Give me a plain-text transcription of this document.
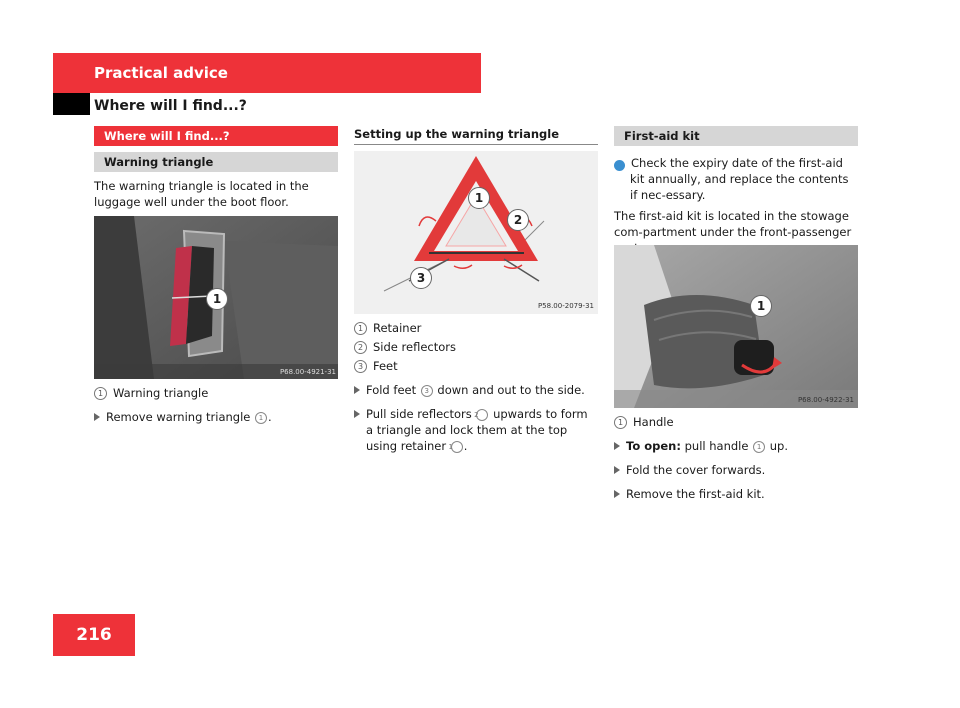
Practical advice
Where will I find...?
Where will I find...?
Warning triangle
The warning triangle is located in the luggage well under the boot floor.
1
P68.00-4921-31
1 Warning triangle
Remove warning triangle 1 .
Setting up the warning triangle
1
2
3
P58.00-2079-31
1 Retainer
2 Side reflectors
3 Feet
Fold feet 3 down and out to the side.
Pull side reflectors 2 upwards to form a triangle and lock them at the top using retainer 1 .
First-aid kit
i Check the expiry date of the first-aid kit annually, and replace the contents if nec-essary.
The first-aid kit is located in the stowage com-partment under the front-passenger
1
P68.00-4922-31
1 Handle
To open: pull handle 1 up.
Fold the cover forwards.
Remove the first-aid kit.
216
